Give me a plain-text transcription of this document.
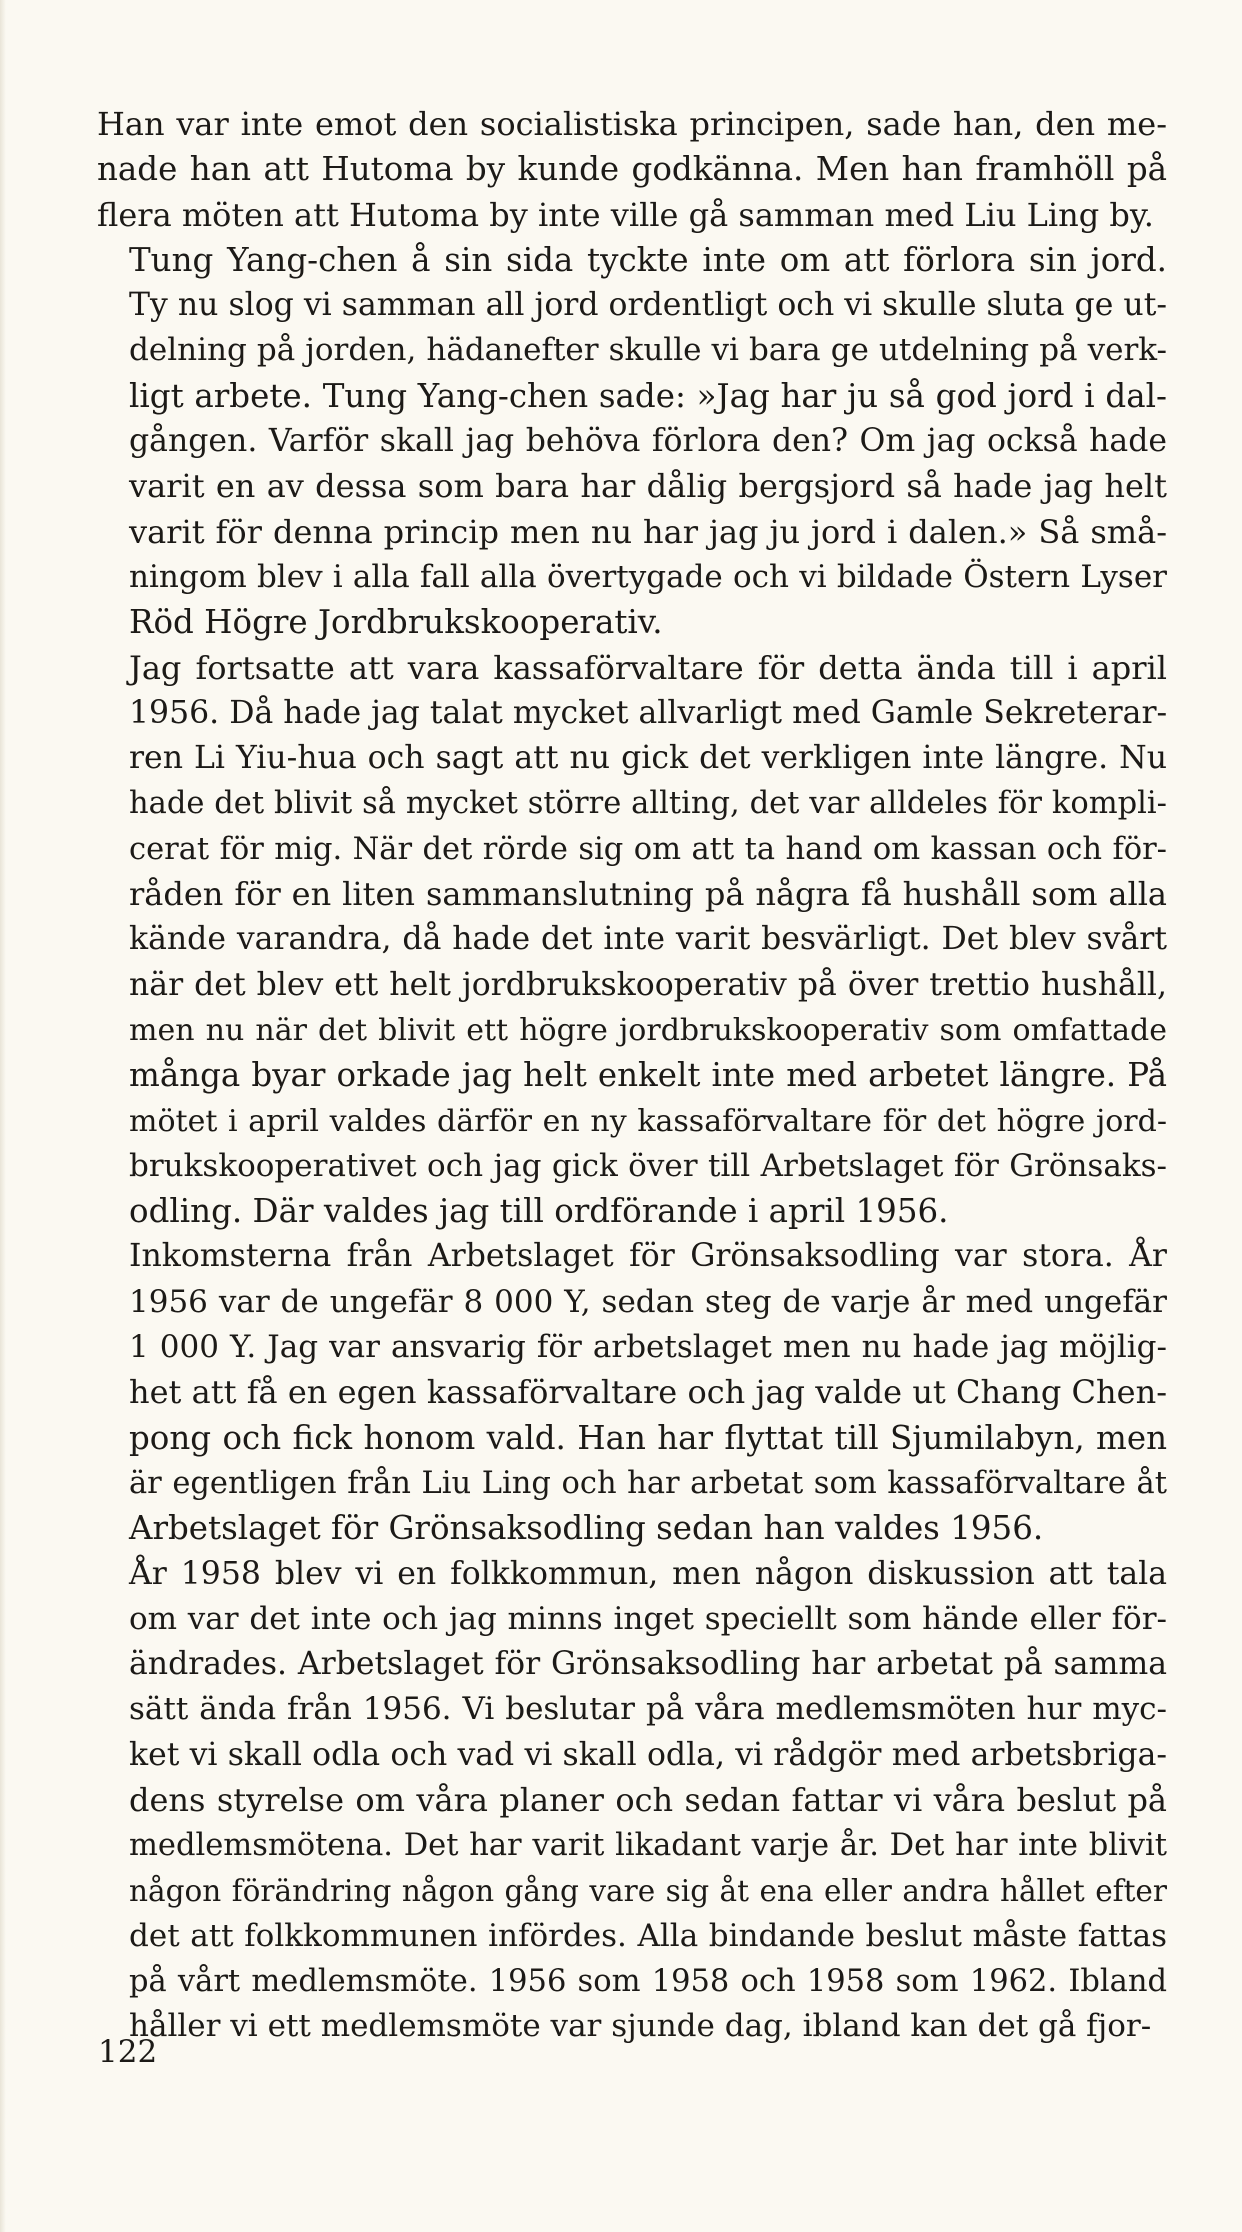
Han var inte emot den socialistiska principen, sade han, den me-
nade han att Hutoma by kunde godkänna. Men han framhöll på
flera möten att Hutoma by inte ville gå samman med Liu Ling by.

Tung Yang-chen å sin sida tyckte inte om att förlora sin jord.
Ty nu slog vi samman all jord ordentligt och vi skulle sluta ge ut-
delning på jorden, hädanefter skulle vi bara ge utdelning på verk-
ligt arbete. Tung Yang-chen sade: »Jag har ju så god jord i dal-
gången. Varför skall jag behöva förlora den? Om jag också hade
varit en av dessa som bara har dålig bergsjord så hade jag helt
varit för denna princip men nu har jag ju jord i dalen.» Så små-
ningom blev i alla fall alla övertygade och vi bildade Östern Lyser
Röd Högre Jordbrukskooperativ.

Jag fortsatte att vara kassaförvaltare för detta ända till i april
1956. Då hade jag talat mycket allvarligt med Gamle Sekreterar-
ren Li Yiu-hua och sagt att nu gick det verkligen inte längre. Nu
hade det blivit så mycket större allting, det var alldeles för kompli-
cerat för mig. När det rörde sig om att ta hand om kassan och för-
råden för en liten sammanslutning på några få hushåll som alla
kände varandra, då hade det inte varit besvärligt. Det blev svårt
när det blev ett helt jordbrukskooperativ på över trettio hushåll,
men nu när det blivit ett högre jordbrukskooperativ som omfattade
många byar orkade jag helt enkelt inte med arbetet längre. På
mötet i april valdes därför en ny kassaförvaltare för det högre jord-
brukskooperativet och jag gick över till Arbetslaget för Grönsaks-
odling. Där valdes jag till ordförande i april 1956.

Inkomsterna från Arbetslaget för Grönsaksodling var stora. År
1956 var de ungefär 8 000 Y, sedan steg de varje år med ungefär
1 000 Y. Jag var ansvarig för arbetslaget men nu hade jag möjlig-
het att få en egen kassaförvaltare och jag valde ut Chang Chen-
pong och fick honom vald. Han har flyttat till Sjumilabyn, men
är egentligen från Liu Ling och har arbetat som kassaförvaltare åt
Arbetslaget för Grönsaksodling sedan han valdes 1956.

År 1958 blev vi en folkkommun, men någon diskussion att tala
om var det inte och jag minns inget speciellt som hände eller för-
ändrades. Arbetslaget för Grönsaksodling har arbetat på samma
sätt ända från 1956. Vi beslutar på våra medlemsmöten hur myc-
ket vi skall odla och vad vi skall odla, vi rådgör med arbetsbriga-
dens styrelse om våra planer och sedan fattar vi våra beslut på
medlemsmötena. Det har varit likadant varje år. Det har inte blivit
någon förändring någon gång vare sig åt ena eller andra hållet efter
det att folkkommunen infördes. Alla bindande beslut måste fattas
på vårt medlemsmöte. 1956 som 1958 och 1958 som 1962. Ibland
håller vi ett medlemsmöte var sjunde dag, ibland kan det gå fjor-

122
